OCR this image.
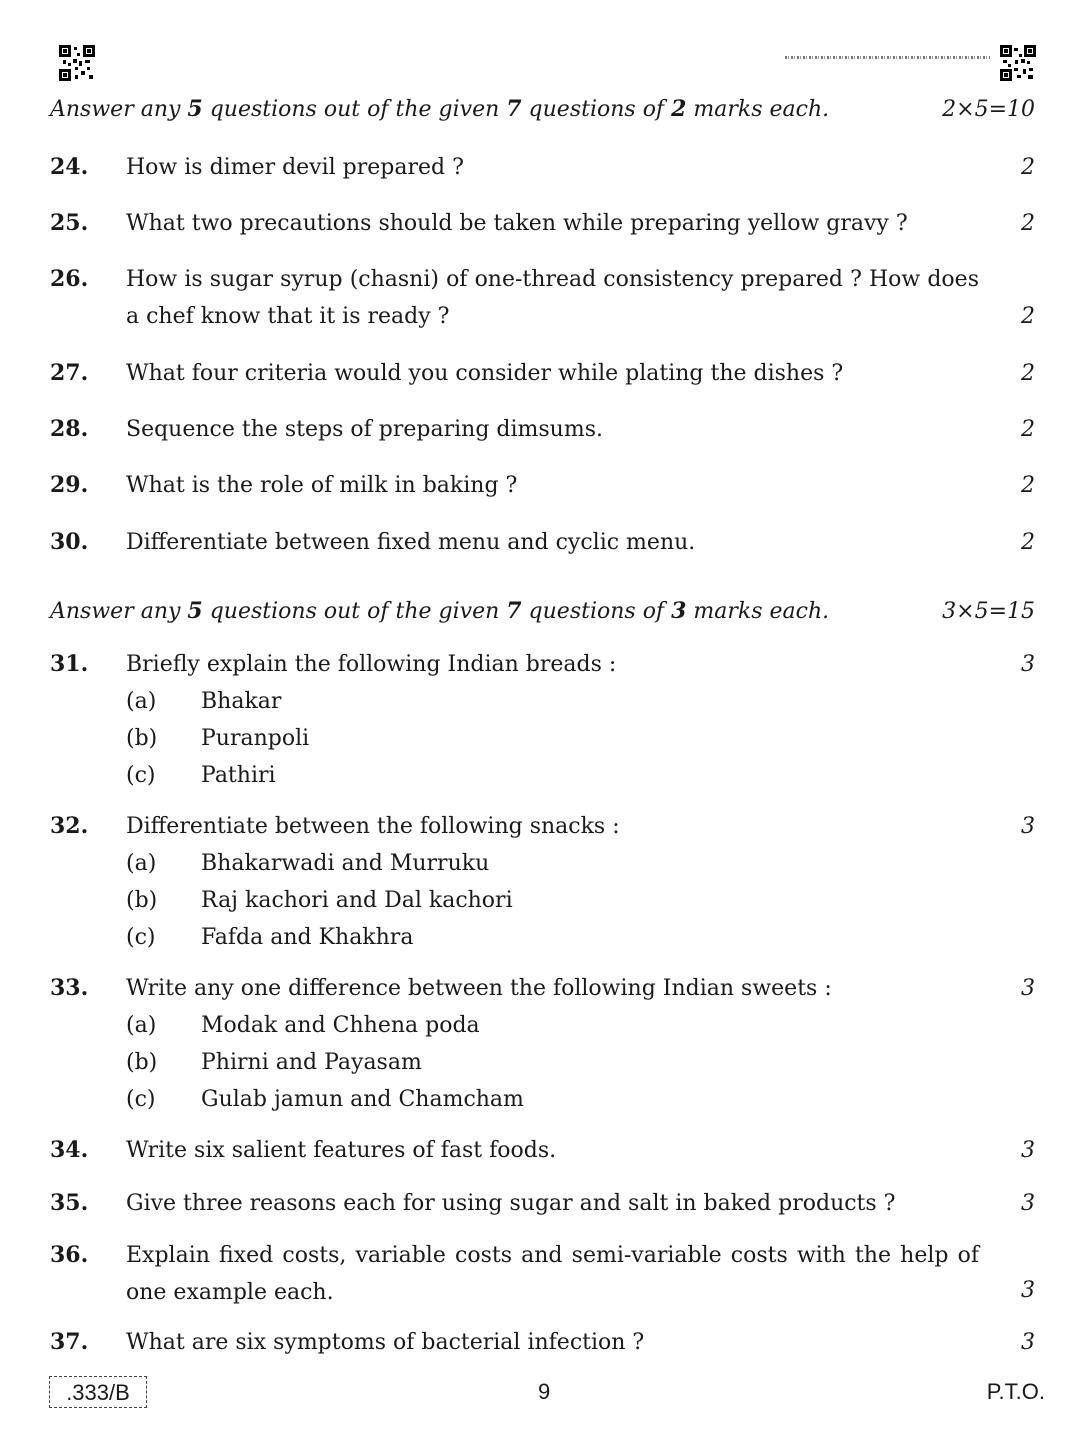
Answer any 5 questions out of the given 7 questions of 2 marks each.	2×5=10
24. How is dimer devil prepared ?	2
25. What two precautions should be taken while preparing yellow gravy ?	2
26. How is sugar syrup (chasni) of one-thread consistency prepared ? How does a chef know that it is ready ?	2
27. What four criteria would you consider while plating the dishes ?	2
28. Sequence the steps of preparing dimsums.	2
29. What is the role of milk in baking ?	2
30. Differentiate between fixed menu and cyclic menu.	2
Answer any 5 questions out of the given 7 questions of 3 marks each.	3×5=15
31. Briefly explain the following Indian breads :	3
(a)	Bhakar
(b)	Puranpoli
(c)	Pathiri
32. Differentiate between the following snacks :	3
(a)	Bhakarwadi and Murruku
(b)	Raj kachori and Dal kachori
(c)	Fafda and Khakhra
33. Write any one difference between the following Indian sweets :	3
(a)	Modak and Chhena poda
(b)	Phirni and Payasam
(c)	Gulab jamun and Chamcham
34. Write six salient features of fast foods.	3
35. Give three reasons each for using sugar and salt in baked products ?	3
36. Explain fixed costs, variable costs and semi-variable costs with the help of one example each.	3
37. What are six symptoms of bacterial infection ?	3
.333/B	9	P.T.O.
